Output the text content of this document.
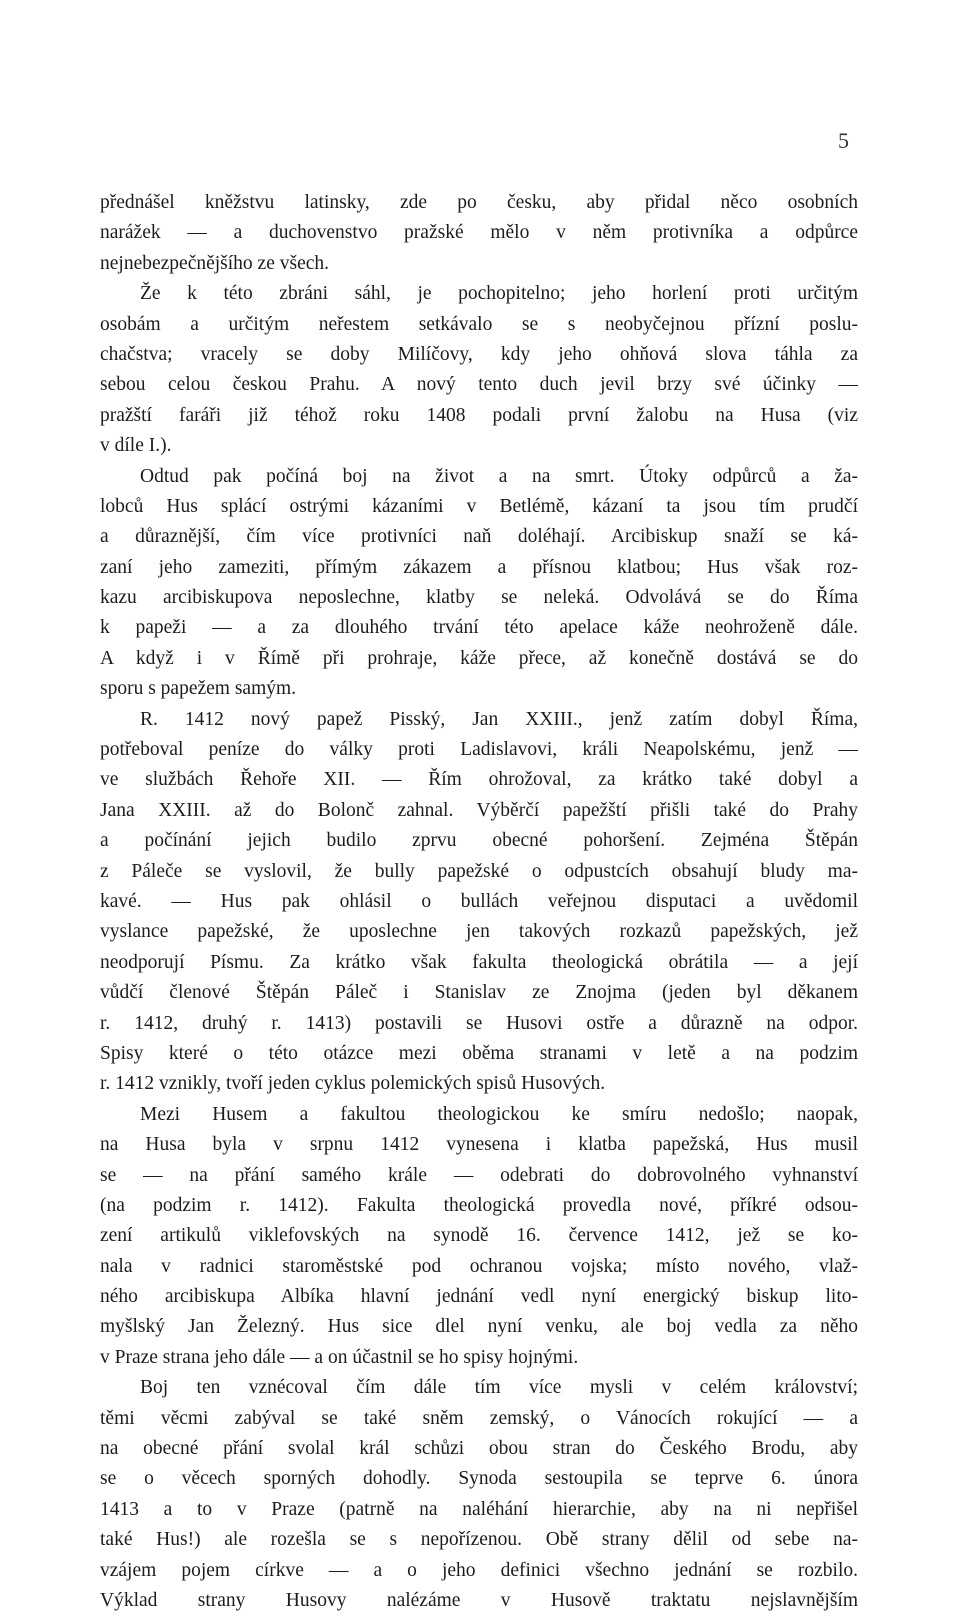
5
přednášel kněžstvu latinsky, zde po česku, aby přidal něco osobních
narážek — a duchovenstvo pražské mělo v něm protivníka a odpůrce
nejnebezpečnějšího ze všech.
Že k této zbráni sáhl, je pochopitelno; jeho horlení proti určitým
osobám a určitým neřestem setkávalo se s neobyčejnou přízní poslu-
chačstva; vracely se doby Milíčovy, kdy jeho ohňová slova táhla za
sebou celou českou Prahu. A nový tento duch jevil brzy své účinky —
pražští faráři již téhož roku 1408 podali první žalobu na Husa (viz
v díle I.).
Odtud pak počíná boj na život a na smrt. Útoky odpůrců a ža-
lobců Hus splácí ostrými kázaními v Betlémě, kázaní ta jsou tím prudčí
a důraznější, čím více protivníci naň doléhají. Arcibiskup snaží se ká-
zaní jeho zameziti, přímým zákazem a přísnou klatbou; Hus však roz-
kazu arcibiskupova neposlechne, klatby se neleká. Odvolává se do Říma
k papeži — a za dlouhého trvání této apelace káže neohroženě dále.
A když i v Římě při prohraje, káže přece, až konečně dostává se do
sporu s papežem samým.
R. 1412 nový papež Pisský, Jan XXIII., jenž zatím dobyl Říma,
potřeboval peníze do války proti Ladislavovi, králi Neapolskému, jenž —
ve službách Řehoře XII. — Řím ohrožoval, za krátko také dobyl a
Jana XXIII. až do Bolonč zahnal. Výběrčí papežští přišli také do Prahy
a počínání jejich budilo zprvu obecné pohoršení. Zejména Štěpán
z Páleče se vyslovil, že bully papežské o odpustcích obsahují bludy ma-
kavé. — Hus pak ohlásil o bullách veřejnou disputaci a uvědomil
vyslance papežské, že uposlechne jen takových rozkazů papežských, jež
neodporují Písmu. Za krátko však fakulta theologická obrátila — a její
vůdčí členové Štěpán Páleč i Stanislav ze Znojma (jeden byl děkanem
r. 1412, druhý r. 1413) postavili se Husovi ostře a důrazně na odpor.
Spisy které o této otázce mezi oběma stranami v letě a na podzim
r. 1412 vznikly, tvoří jeden cyklus polemických spisů Husových.
Mezi Husem a fakultou theologickou ke smíru nedošlo; naopak,
na Husa byla v srpnu 1412 vynesena i klatba papežská, Hus musil
se — na přání samého krále — odebrati do dobrovolného vyhnanství
(na podzim r. 1412). Fakulta theologická provedla nové, příkré odsou-
zení artikulů viklefovských na synodě 16. července 1412, jež se ko-
nala v radnici staroměstské pod ochranou vojska; místo nového, vlaž-
ného arcibiskupa Albíka hlavní jednání vedl nyní energický biskup lito-
myšlský Jan Železný. Hus sice dlel nyní venku, ale boj vedla za něho
v Praze strana jeho dále — a on účastnil se ho spisy hojnými.
Boj ten vznécoval čím dále tím více mysli v celém království;
těmi věcmi zabýval se také sněm zemský, o Vánocích rokující — a
na obecné přání svolal král schůzi obou stran do Českého Brodu, aby
se o věcech sporných dohodly. Synoda sestoupila se teprve 6. února
1413 a to v Praze (patrně na naléhání hierarchie, aby na ni nepřišel
také Hus!) ale rozešla se s nepořízenou. Obě strany dělil od sebe na-
vzájem pojem církve — a o jeho definici všechno jednání se rozbilo.
Výklad strany Husovy nalézáme v Husově traktatu nejslavnějším
